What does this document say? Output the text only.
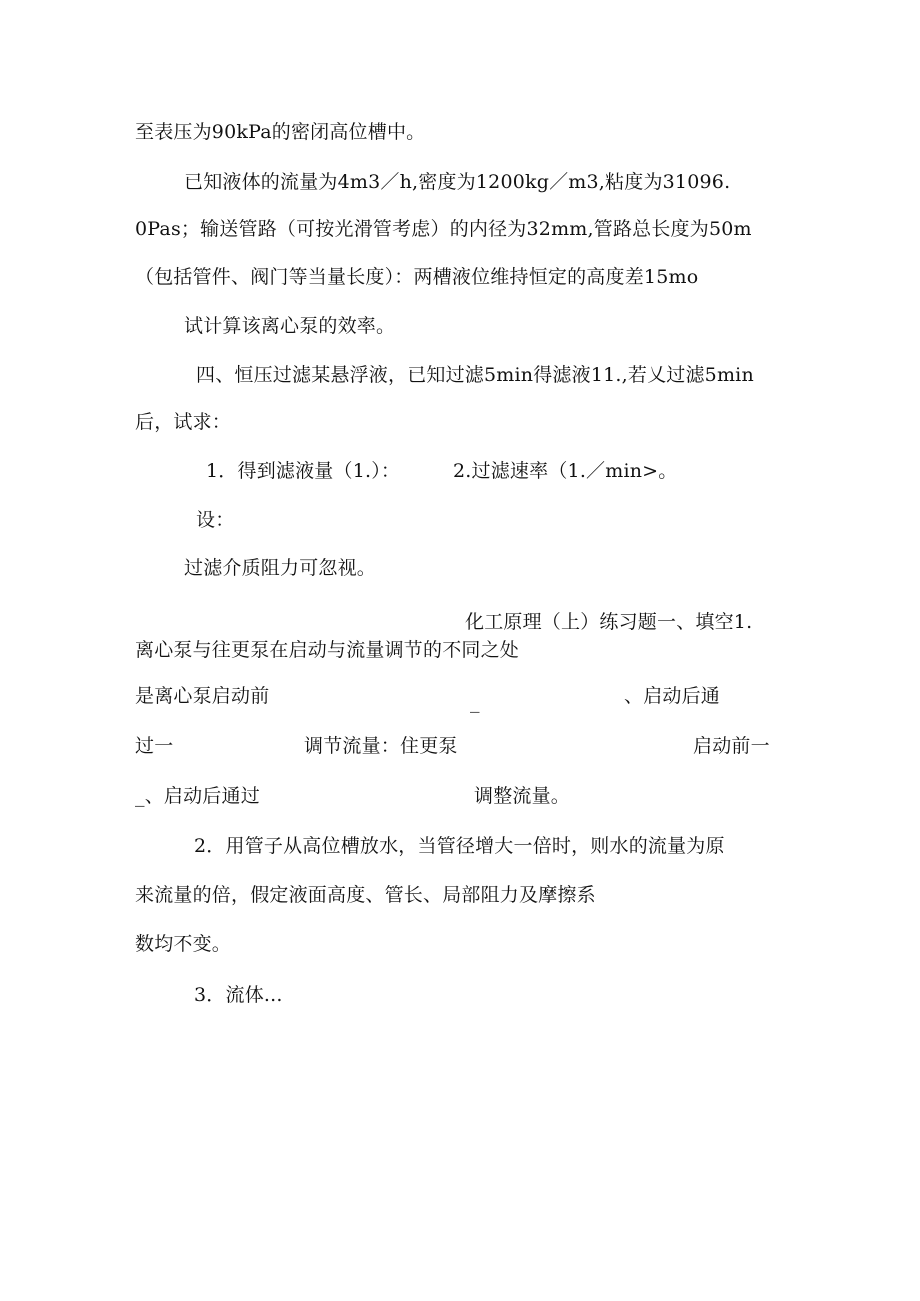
至表压为90kPa的密闭高位槽中。
已知液体的流量为4m3／h,密度为1200kg／m3,粘度为31096.
0Pas；输送管路（可按光滑管考虑）的内径为32mm,管路总长度为50m
（包括管件、阀门等当量长度）：两槽液位维持恒定的高度差15mo
试计算该离心泵的效率。
四、恒压过滤某悬浮液，已知过滤5min得滤液11.,若乂过滤5min
后，试求：
1．得到滤液量（1.）：	2.过滤速率（1.／min>。
设：
过滤介质阻力可忽视。
化工原理（上）练习题一、填空1.
离心泵与往更泵在启动与流量调节的不同之处
是离心泵启动前	_	、启动后通
过一	调节流量：住更泵	启动前一
_、启动后通过	调整流量。
2．用管子从高位槽放水，当管径增大一倍时，则水的流量为原
来流量的倍，假定液面高度、管长、局部阻力及摩擦系
数均不变。
3．流体...
